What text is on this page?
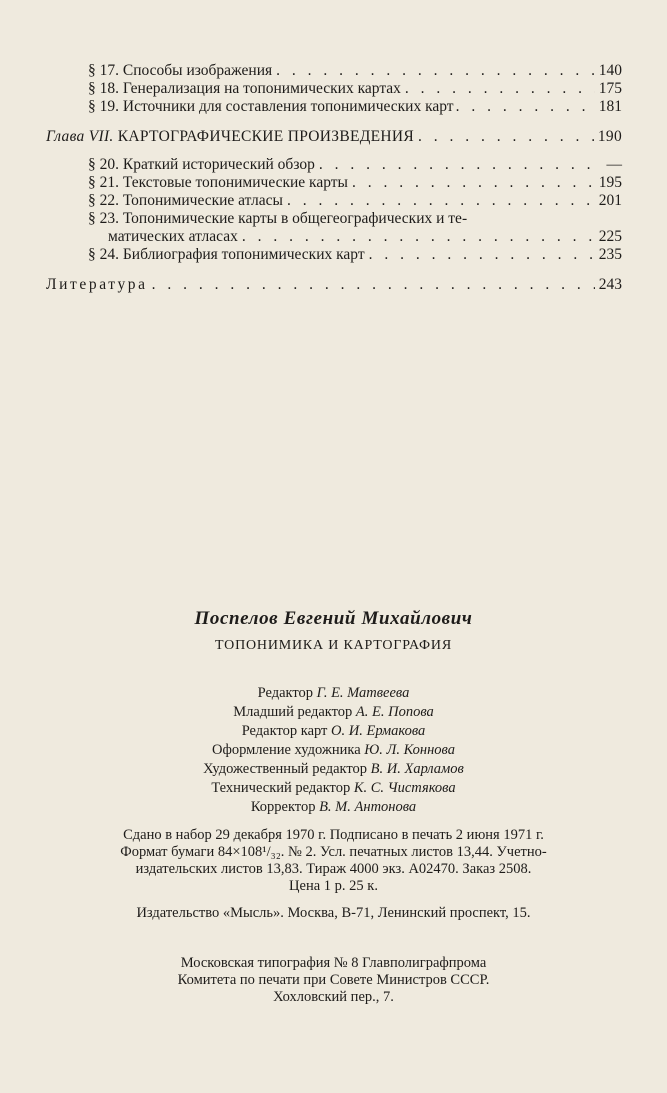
§ 17. Способы изображения . . .	140
§ 18. Генерализация на топонимических картах . . .	175
§ 19. Источники для составления топонимических карт . . .	181
Глава VII. КАРТОГРАФИЧЕСКИЕ ПРОИЗВЕДЕНИЯ . . .	190
§ 20. Краткий исторический обзор . . .	—
§ 21. Текстовые топонимические карты . . .	195
§ 22. Топонимические атласы . . .	201
§ 23. Топонимические карты в общегеографических и те-
матических атласах . . .	225
§ 24. Библиография топонимических карт . . .	235
Литература . . .	243
Поспелов Евгений Михайлович
ТОПОНИМИКА И КАРТОГРАФИЯ
Редактор Г. Е. Матвеева
Младший редактор А. Е. Попова
Редактор карт О. И. Ермакова
Оформление художника Ю. Л. Коннова
Художественный редактор В. И. Харламов
Технический редактор К. С. Чистякова
Корректор В. М. Антонова
Сдано в набор 29 декабря 1970 г. Подписано в печать 2 июня 1971 г.
Формат бумаги 84×108¹/₃₂. № 2. Усл. печатных листов 13,44. Учетно-
издательских листов 13,83. Тираж 4000 экз. А02470. Заказ 2508.
Цена 1 р. 25 к.
Издательство «Мысль». Москва, В-71, Ленинский проспект, 15.
Московская типография № 8 Главполиграфпрома
Комитета по печати при Совете Министров СССР.
Хохловский пер., 7.
